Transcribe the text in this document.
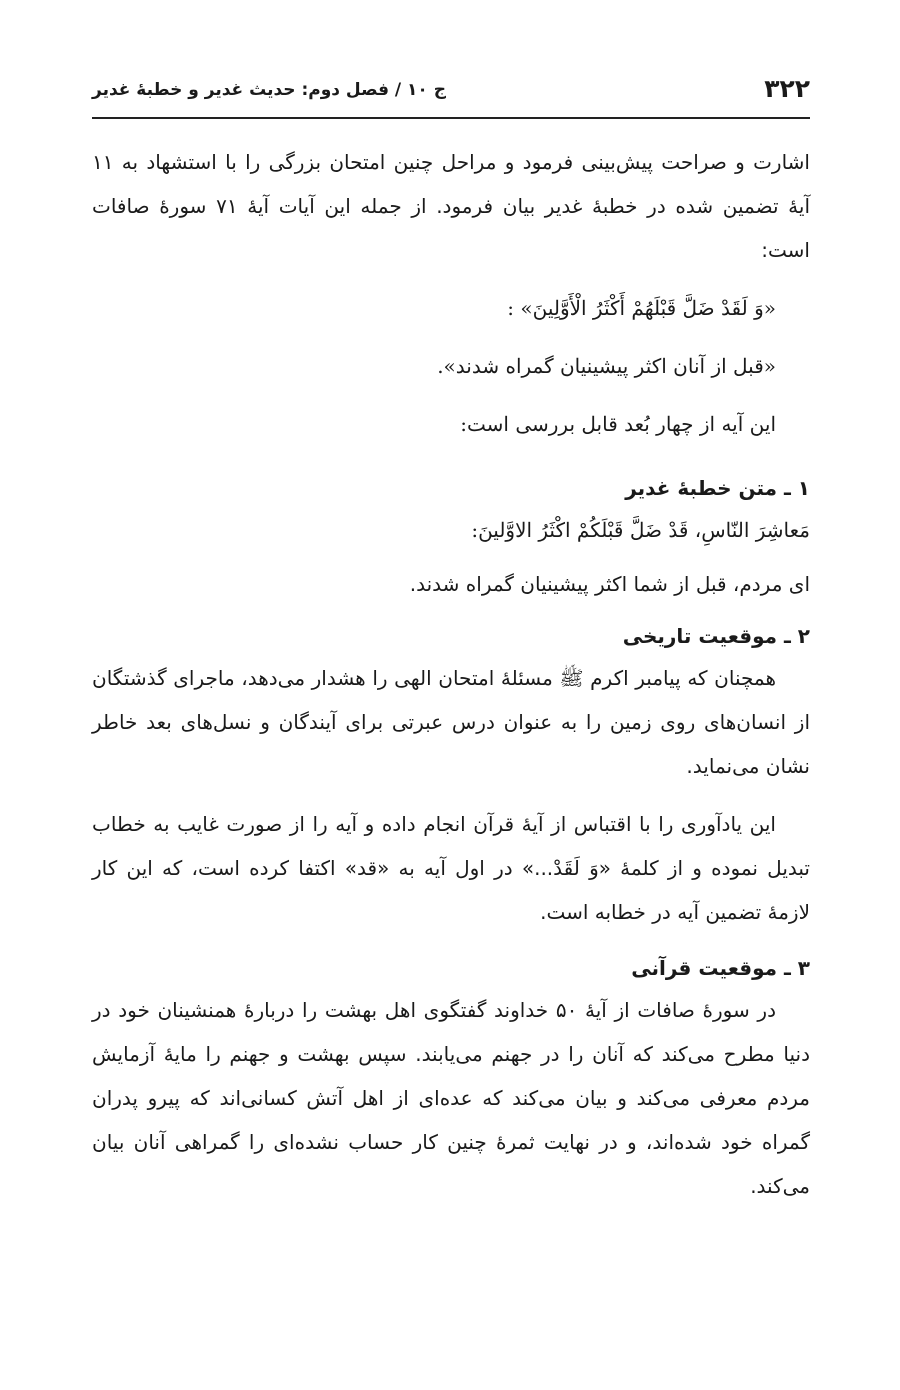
۳۲۲
ج ۱۰ / فصل دوم: حدیث غدیر و خطبۀ غدیر

اشارت و صراحت پیش‌بینی فرمود و مراحل چنین امتحان بزرگی را با استشهاد به ۱۱ آیۀ تضمین شده در خطبۀ غدیر بیان فرمود. از جمله این آیات آیۀ ۷۱ سورۀ صافات است:

«وَ لَقَدْ ضَلَّ قَبْلَهُمْ أَكْثَرُ الْأَوَّلِينَ» :

«قبل از آنان اکثر پیشینیان گمراه شدند».

این آیه از چهار بُعد قابل بررسی است:

۱ ـ متن خطبۀ غدیر

مَعاشِرَ النّاسِ، قَدْ ضَلَّ قَبْلَكُمْ اكْثَرُ الاوَّلينَ:

ای مردم، قبل از شما اکثر پیشینیان گمراه شدند.

۲ ـ موقعیت تاریخی

همچنان که پیامبر اکرم ﷺ مسئلۀ امتحان الهی را هشدار می‌دهد، ماجرای گذشتگان از انسان‌های روی زمین را به عنوان درس عبرتی برای آیندگان و نسل‌های بعد خاطر نشان می‌نماید.

این یادآوری را با اقتباس از آیۀ قرآن انجام داده و آیه را از صورت غایب به خطاب تبدیل نموده و از کلمۀ «وَ لَقَدْ...» در اول آیه به «قد» اکتفا کرده است، که این کار لازمۀ تضمین آیه در خطابه است.

۳ ـ موقعیت قرآنی

در سورۀ صافات از آیۀ ۵۰ خداوند گفتگوی اهل بهشت را دربارۀ همنشینان خود در دنیا مطرح می‌کند که آنان را در جهنم می‌یابند. سپس بهشت و جهنم را مایۀ آزمایش مردم معرفی می‌کند و بیان می‌کند که عده‌ای از اهل آتش کسانی‌اند که پیرو پدران گمراه خود شده‌اند، و در نهایت ثمرۀ چنین کار حساب نشده‌ای را گمراهی آنان بیان می‌کند.
